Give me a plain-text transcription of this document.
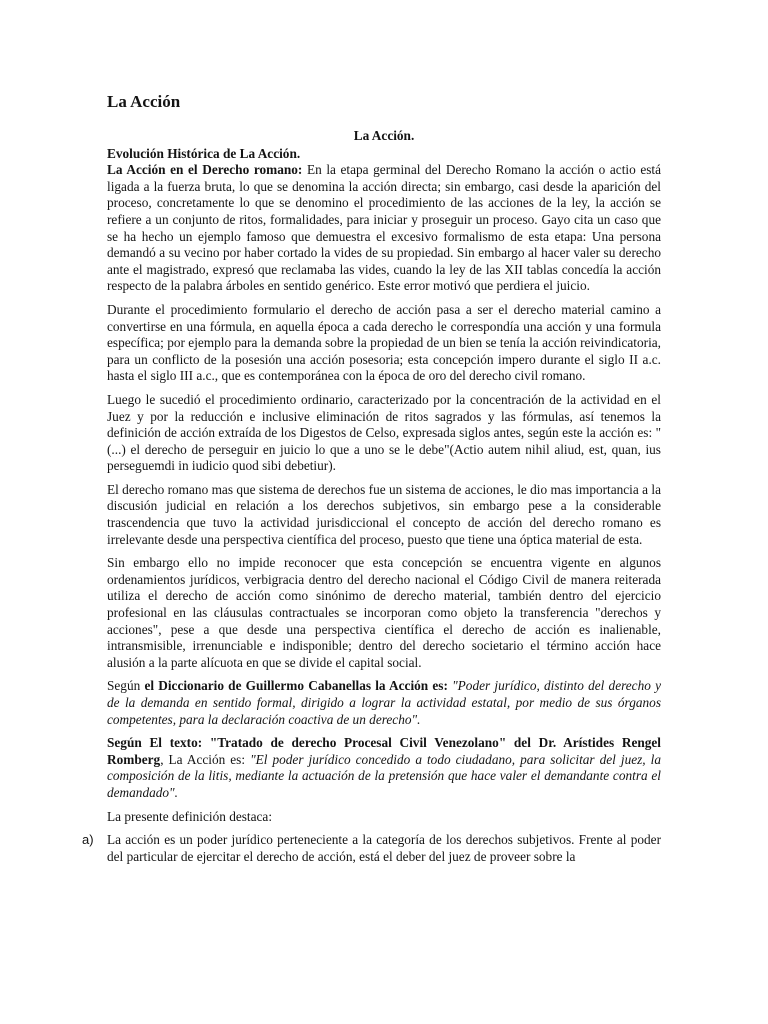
La Acción
La Acción.
Evolución Histórica de La Acción.

La Acción en el Derecho romano: En la etapa germinal del Derecho Romano la acción o actio está ligada a la fuerza bruta, lo que se denomina la acción directa; sin embargo, casi desde la aparición del proceso, concretamente lo que se denomino el procedimiento de las acciones de la ley, la acción se refiere a un conjunto de ritos, formalidades, para iniciar y proseguir un proceso. Gayo cita un caso que se ha hecho un ejemplo famoso que demuestra el excesivo formalismo de esta etapa: Una persona demandó a su vecino por haber cortado la vides de su propiedad. Sin embargo al hacer valer su derecho ante el magistrado, expresó que reclamaba las vides, cuando la ley de las XII tablas concedía la acción respecto de la palabra árboles en sentido genérico. Este error motivó que perdiera el juicio.

Durante el procedimiento formulario el derecho de acción pasa a ser el derecho material camino a convertirse en una fórmula, en aquella época a cada derecho le correspondía una acción y una formula específica; por ejemplo para la demanda sobre la propiedad de un bien se tenía la acción reivindicatoria, para un conflicto de la posesión una acción posesoria; esta concepción impero durante el siglo II a.c. hasta el siglo III a.c., que es contemporánea con la época de oro del derecho civil romano.

Luego le sucedió el procedimiento ordinario, caracterizado por la concentración de la actividad en el Juez y por la reducción e inclusive eliminación de ritos sagrados y las fórmulas, así tenemos la definición de acción extraída de los Digestos de Celso, expresada siglos antes, según este la acción es: "(...) el derecho de perseguir en juicio lo que a uno se le debe"(Actio autem nihil aliud, est, quan, ius perseguemdi in iudicio quod sibi debetiur).

El derecho romano mas que sistema de derechos fue un sistema de acciones, le dio mas importancia a la discusión judicial en relación a los derechos subjetivos, sin embargo pese a la considerable trascendencia que tuvo la actividad jurisdiccional el concepto de acción del derecho romano es irrelevante desde una perspectiva científica del proceso, puesto que tiene una óptica material de esta.

Sin embargo ello no impide reconocer que esta concepción se encuentra vigente en algunos ordenamientos jurídicos, verbigracia dentro del derecho nacional el Código Civil de manera reiterada utiliza el derecho de acción como sinónimo de derecho material, también dentro del ejercicio profesional en las cláusulas contractuales se incorporan como objeto la transferencia "derechos y acciones", pese a que desde una perspectiva científica el derecho de acción es inalienable, intransmisible, irrenunciable e indisponible; dentro del derecho societario el término acción hace alusión a la parte alícuota en que se divide el capital social.

Según el Diccionario de Guillermo Cabanellas la Acción es: "Poder jurídico, distinto del derecho y de la demanda en sentido formal, dirigido a lograr la actividad estatal, por medio de sus órganos competentes, para la declaración coactiva de un derecho".

Según El texto: "Tratado de derecho Procesal Civil Venezolano" del Dr. Arístides Rengel Romberg, La Acción es: "El poder jurídico concedido a todo ciudadano, para solicitar del juez, la composición de la litis, mediante la actuación de la pretensión que hace valer el demandante contra el demandado".

La presente definición destaca:

a) La acción es un poder jurídico perteneciente a la categoría de los derechos subjetivos. Frente al poder del particular de ejercitar el derecho de acción, está el deber del juez de proveer sobre la
